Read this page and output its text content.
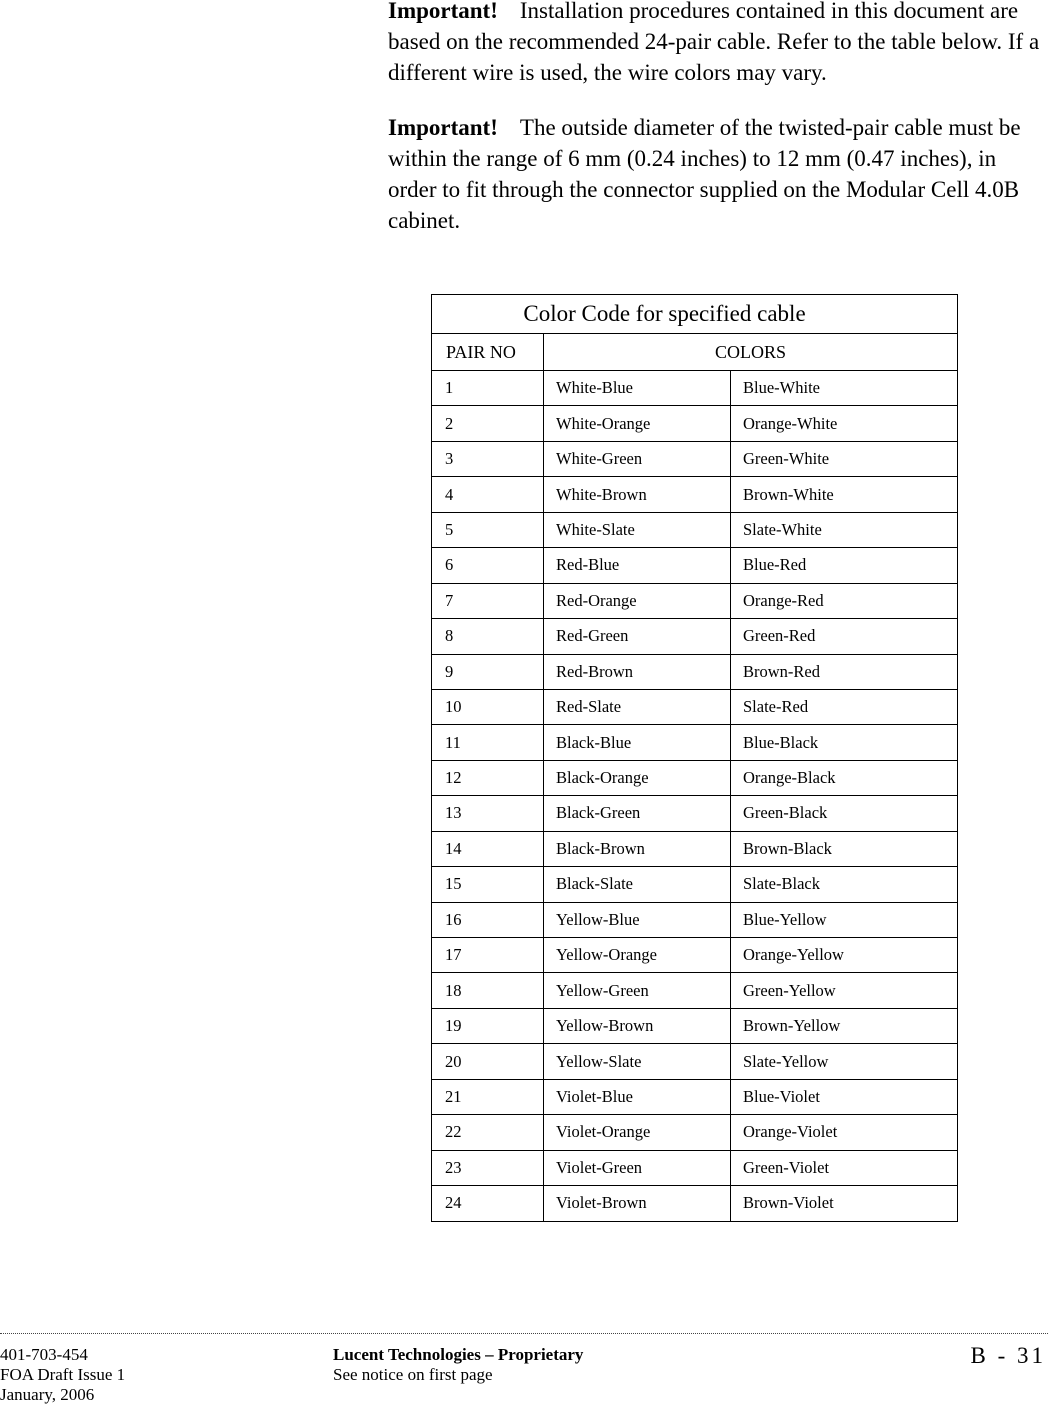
Important! Installation procedures contained in this document are based on the recommended 24-pair cable. Refer to the table below. If a different wire is used, the wire colors may vary.

Important! The outside diameter of the twisted-pair cable must be within the range of 6 mm (0.24 inches) to 12 mm (0.47 inches), in order to fit through the connector supplied on the Modular Cell 4.0B cabinet.

Color Code for specified cable		
PAIR NO	COLORS	
1	White-Blue	Blue-White
2	White-Orange	Orange-White
3	White-Green	Green-White
4	White-Brown	Brown-White
5	White-Slate	Slate-White
6	Red-Blue	Blue-Red
7	Red-Orange	Orange-Red
8	Red-Green	Green-Red
9	Red-Brown	Brown-Red
10	Red-Slate	Slate-Red
11	Black-Blue	Blue-Black
12	Black-Orange	Orange-Black
13	Black-Green	Green-Black
14	Black-Brown	Brown-Black
15	Black-Slate	Slate-Black
16	Yellow-Blue	Blue-Yellow
17	Yellow-Orange	Orange-Yellow
18	Yellow-Green	Green-Yellow
19	Yellow-Brown	Brown-Yellow
20	Yellow-Slate	Slate-Yellow
21	Violet-Blue	Blue-Violet
22	Violet-Orange	Orange-Violet
23	Violet-Green	Green-Violet
24	Violet-Brown	Brown-Violet
401-703-454
FOA Draft Issue 1
January, 2006
Lucent Technologies – Proprietary
See notice on first page
B - 31
